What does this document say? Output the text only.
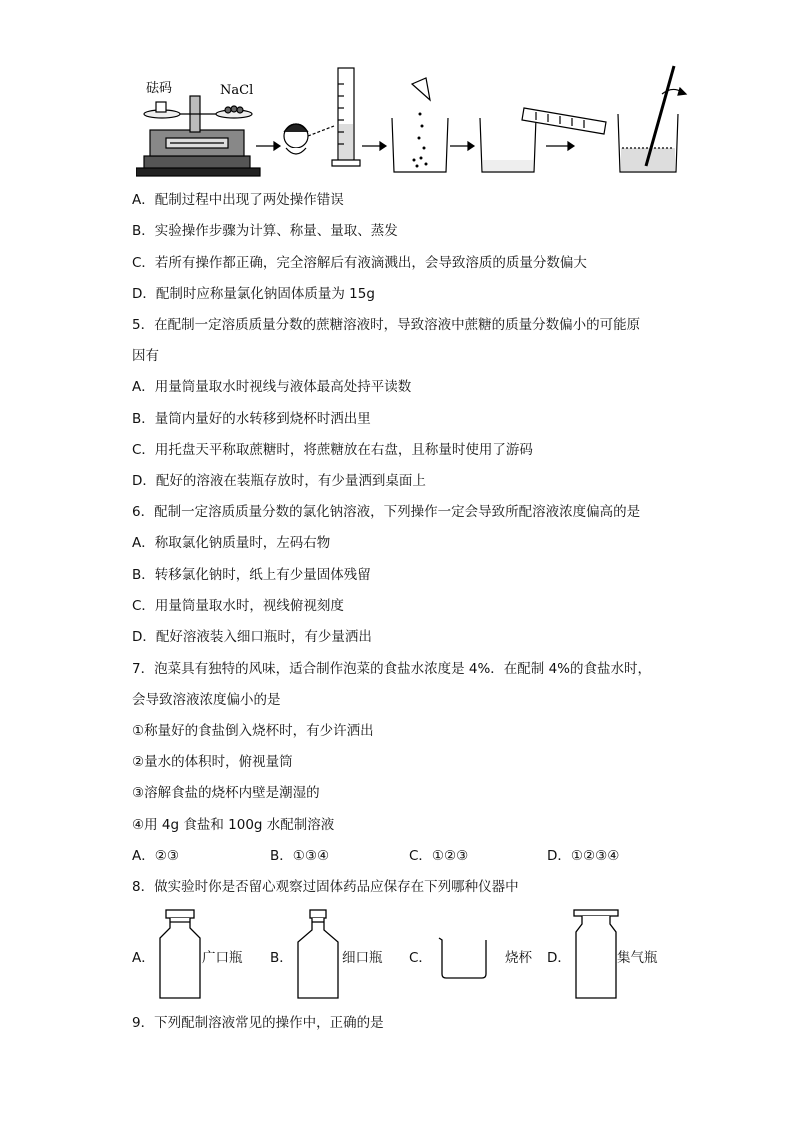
砝码	NaCl
A．配制过程中出现了两处操作错误
B．实验操作步骤为计算、称量、量取、蒸发
C．若所有操作都正确，完全溶解后有液滴溅出，会导致溶质的质量分数偏大
D．配制时应称量氯化钠固体质量为 15g
5．在配制一定溶质质量分数的蔗糖溶液时，导致溶液中蔗糖的质量分数偏小的可能原
因有
A．用量筒量取水时视线与液体最高处持平读数
B．量筒内量好的水转移到烧杯时洒出里
C．用托盘天平称取蔗糖时，将蔗糖放在右盘，且称量时使用了游码
D．配好的溶液在装瓶存放时，有少量洒到桌面上
6．配制一定溶质质量分数的氯化钠溶液，下列操作一定会导致所配溶液浓度偏高的是
A．称取氯化钠质量时，左码右物
B．转移氯化钠时，纸上有少量固体残留
C．用量筒量取水时，视线俯视刻度
D．配好溶液装入细口瓶时，有少量洒出
7．泡菜具有独特的风味，适合制作泡菜的食盐水浓度是 4%．在配制 4%的食盐水时，
会导致溶液浓度偏小的是
①称量好的食盐倒入烧杯时，有少许洒出
②量水的体积时，俯视量筒
③溶解食盐的烧杯内壁是潮湿的
④用 4g 食盐和 100g 水配制溶液
A．②③	B．①③④	C．①②③	D．①②③④
8．做实验时你是否留心观察过固体药品应保存在下列哪种仪器中
A．	广口瓶 B．	细口瓶 C．	烧杯 D．	集气瓶
9．下列配制溶液常见的操作中，正确的是
